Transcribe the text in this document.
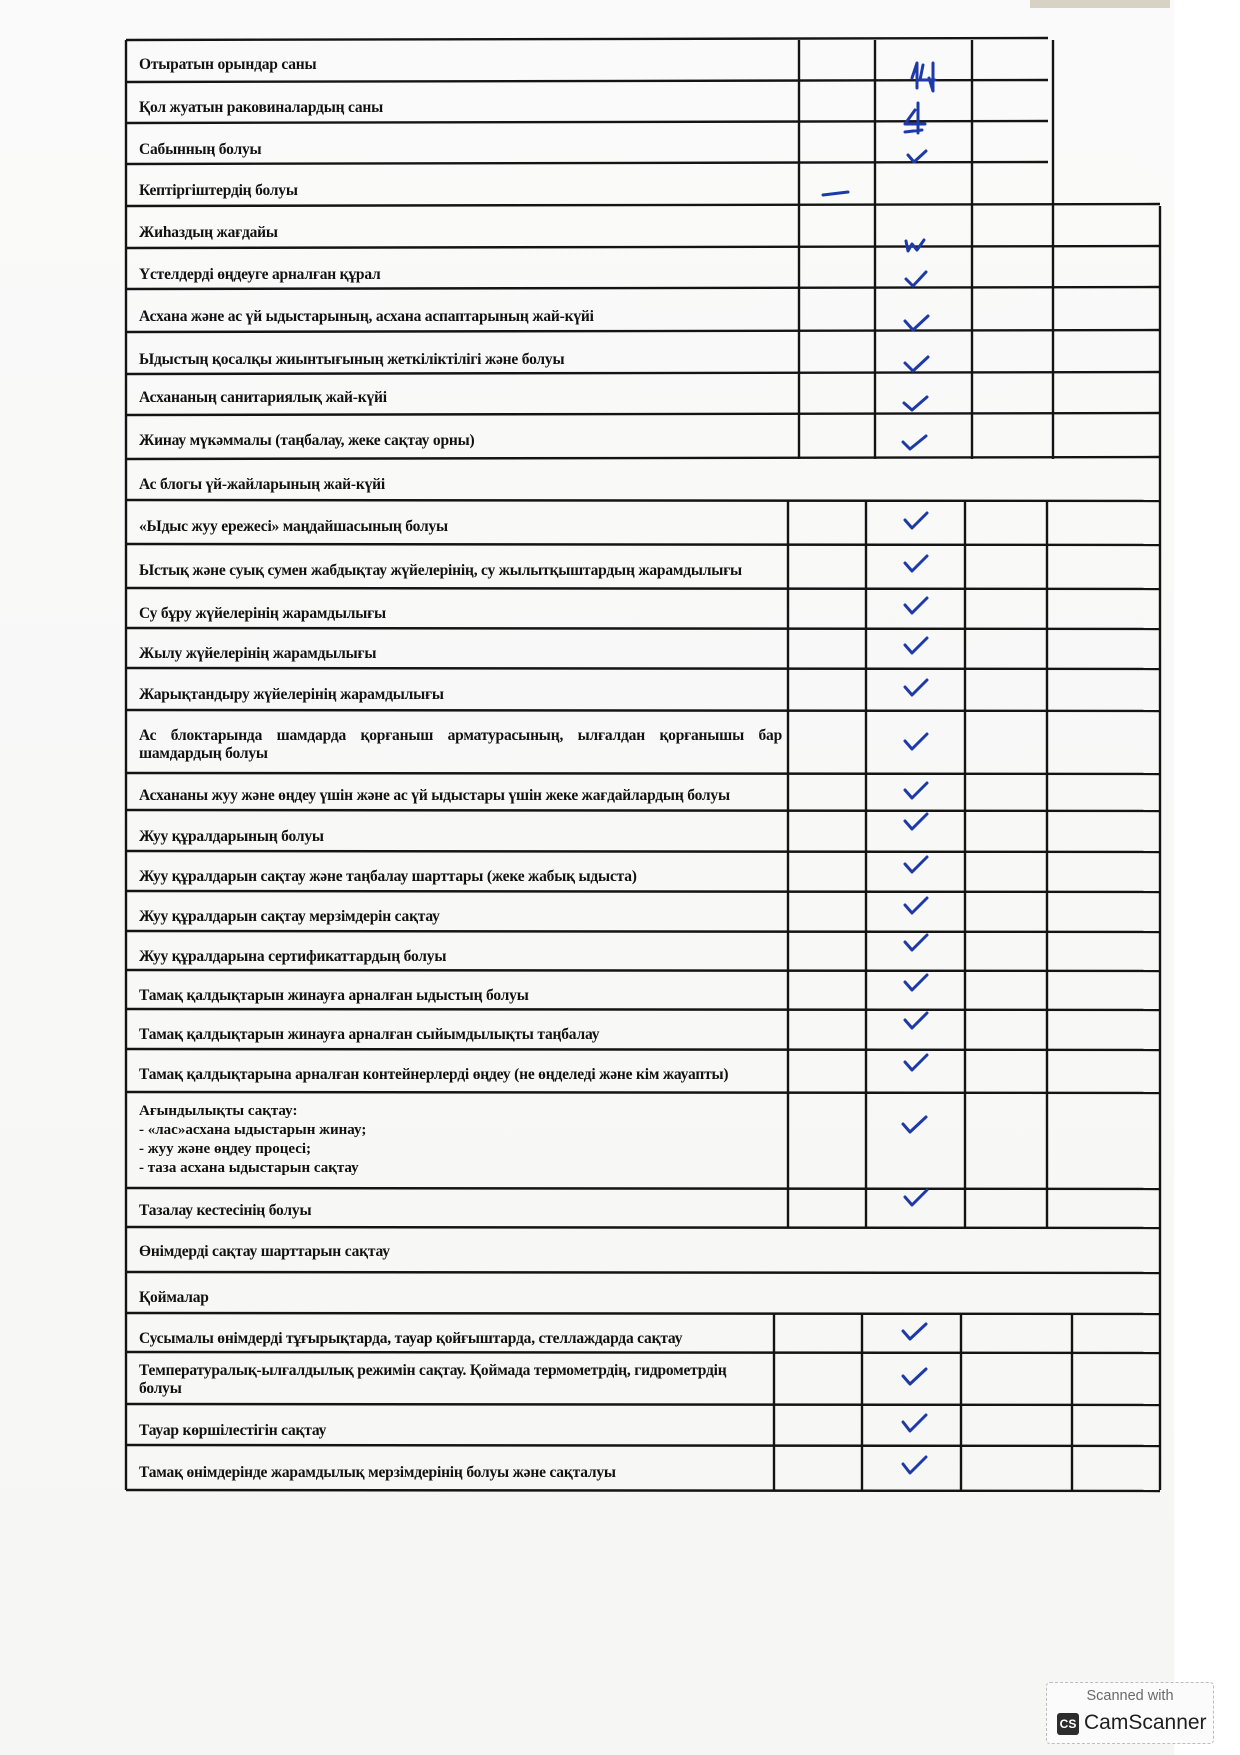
Отыратын орындар саны
Қол жуатын раковиналардың саны
Сабынның болуы
Кептіргіштердің болуы
Жиһаздың жағдайы
Үстелдерді өңдеуге арналған құрал
Асхана және ас үй ыдыстарының, асхана аспаптарының жай-күйі
Ыдыстың қосалқы жиынтығының жеткіліктілігі және болуы
Асхананың санитариялық жай-күйі
Жинау мүкәммалы (таңбалау, жеке сақтау орны)
Ас блогы үй-жайларының жай-күйі
«Ыдыс жуу ережесі» маңдайшасының болуы
Ыстық және суық сумен жабдықтау жүйелерінің, су жылытқыштардың жарамдылығы
Су бұру жүйелерінің жарамдылығы
Жылу жүйелерінің жарамдылығы
Жарықтандыру жүйелерінің жарамдылығы
Ас блоктарында шамдарда қорғаныш арматурасының, ылғалдан қорғанышы бар шамдардың болуы
Асхананы жуу және өңдеу үшін және ас үй ыдыстары үшін жеке жағдайлардың болуы
Жуу құралдарының болуы
Жуу құралдарын сақтау және таңбалау шарттары (жеке жабық ыдыста)
Жуу құралдарын сақтау мерзімдерін сақтау
Жуу құралдарына сертификаттардың болуы
Тамақ қалдықтарын жинауға арналған ыдыстың болуы
Тамақ қалдықтарын жинауға арналған сыйымдылықты таңбалау
Тамақ қалдықтарына арналған контейнерлерді өңдеу (не өңделеді және кім жауапты)
Ағындылықты сақтау:
- «лас»асхана ыдыстарын жинау;
- жуу және өңдеу процесі;
- таза асхана ыдыстарын сақтау
Тазалау кестесінің болуы
Өнімдерді сақтау шарттарын сақтау
Қоймалар
Сусымалы өнімдерді тұғырықтарда, тауар қойғыштарда, стеллаждарда сақтау
Температуралық-ылғалдылық режимін сақтау. Қоймада термометрдің, гидрометрдің болуы
Тауар көршілестігін сақтау
Тамақ өнімдерінде жарамдылық мерзімдерінің болуы және сақталуы
Scanned with
CS CamScanner
